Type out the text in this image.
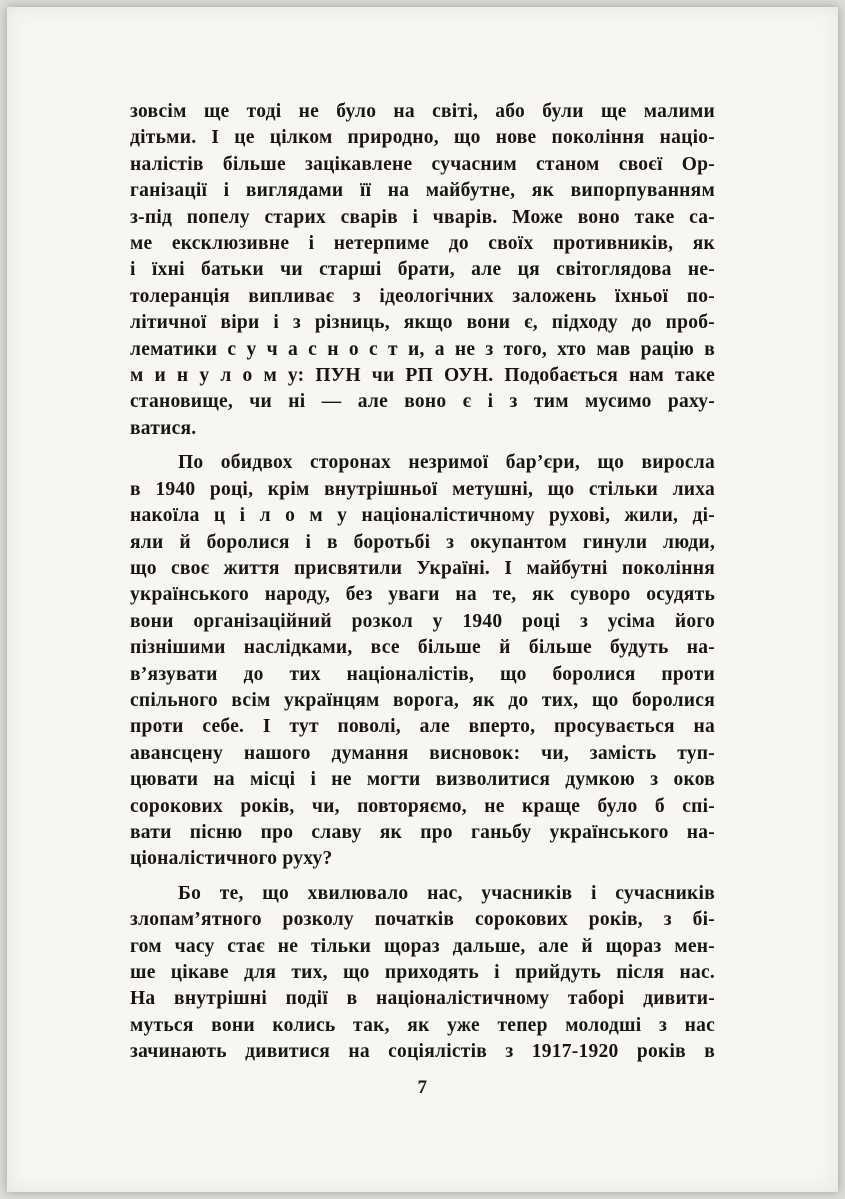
зовсім ще тоді не було на світі, або були ще малими
дітьми. І це цілком природно, що нове покоління націо-
налістів більше зацікавлене сучасним станом своєї Ор-
ганізації і виглядами її на майбутне, як випорпуванням
з-під попелу старих сварів і чварів. Може воно таке са-
ме ексклюзивне і нетерпиме до своїх противників, як
і їхні батьки чи старші брати, але ця світоглядова не-
толеранція випливає з ідеологічних заложень їхньої по-
літичної віри і з різниць, якщо вони є, підходу до проб-
лематики с у ч а с н о с т и, а не з того, хто мав рацію в
м и н у л о м у: ПУН чи РП ОУН. Подобається нам таке
становище, чи ні — але воно є і з тим мусимо раху-
ватися.
По обидвох сторонах незримої бар’єри, що виросла
в 1940 році, крім внутрішньої метушні, що стільки лиха
накоїла ц і л о м у націоналістичному рухові, жили, ді-
яли й боролися і в боротьбі з окупантом гинули люди,
що своє життя присвятили Україні. І майбутні покоління
українського народу, без уваги на те, як суворо осудять
вони організаційний розкол у 1940 році з усіма його
пізнішими наслідками, все більше й більше будуть на-
в’язувати до тих націоналістів, що боролися проти
спільного всім українцям ворога, як до тих, що боролися
проти себе. І тут поволі, але вперто, просувається на
авансцену нашого думання висновок: чи, замість туп-
цювати на місці і не могти визволитися думкою з оков
сорокових років, чи, повторяємо, не краще було б спі-
вати пісню про славу як про ганьбу українського на-
ціоналістичного руху?
Бо те, що хвилювало нас, учасників і сучасників
злопам’ятного розколу початків сорокових років, з бі-
гом часу стає не тільки щораз дальше, але й щораз мен-
ше цікаве для тих, що приходять і прийдуть після нас.
На внутрішні події в націоналістичному таборі дивити-
муться вони колись так, як уже тепер молодші з нас
зачинають дивитися на соціялістів з 1917-1920 років в
7
